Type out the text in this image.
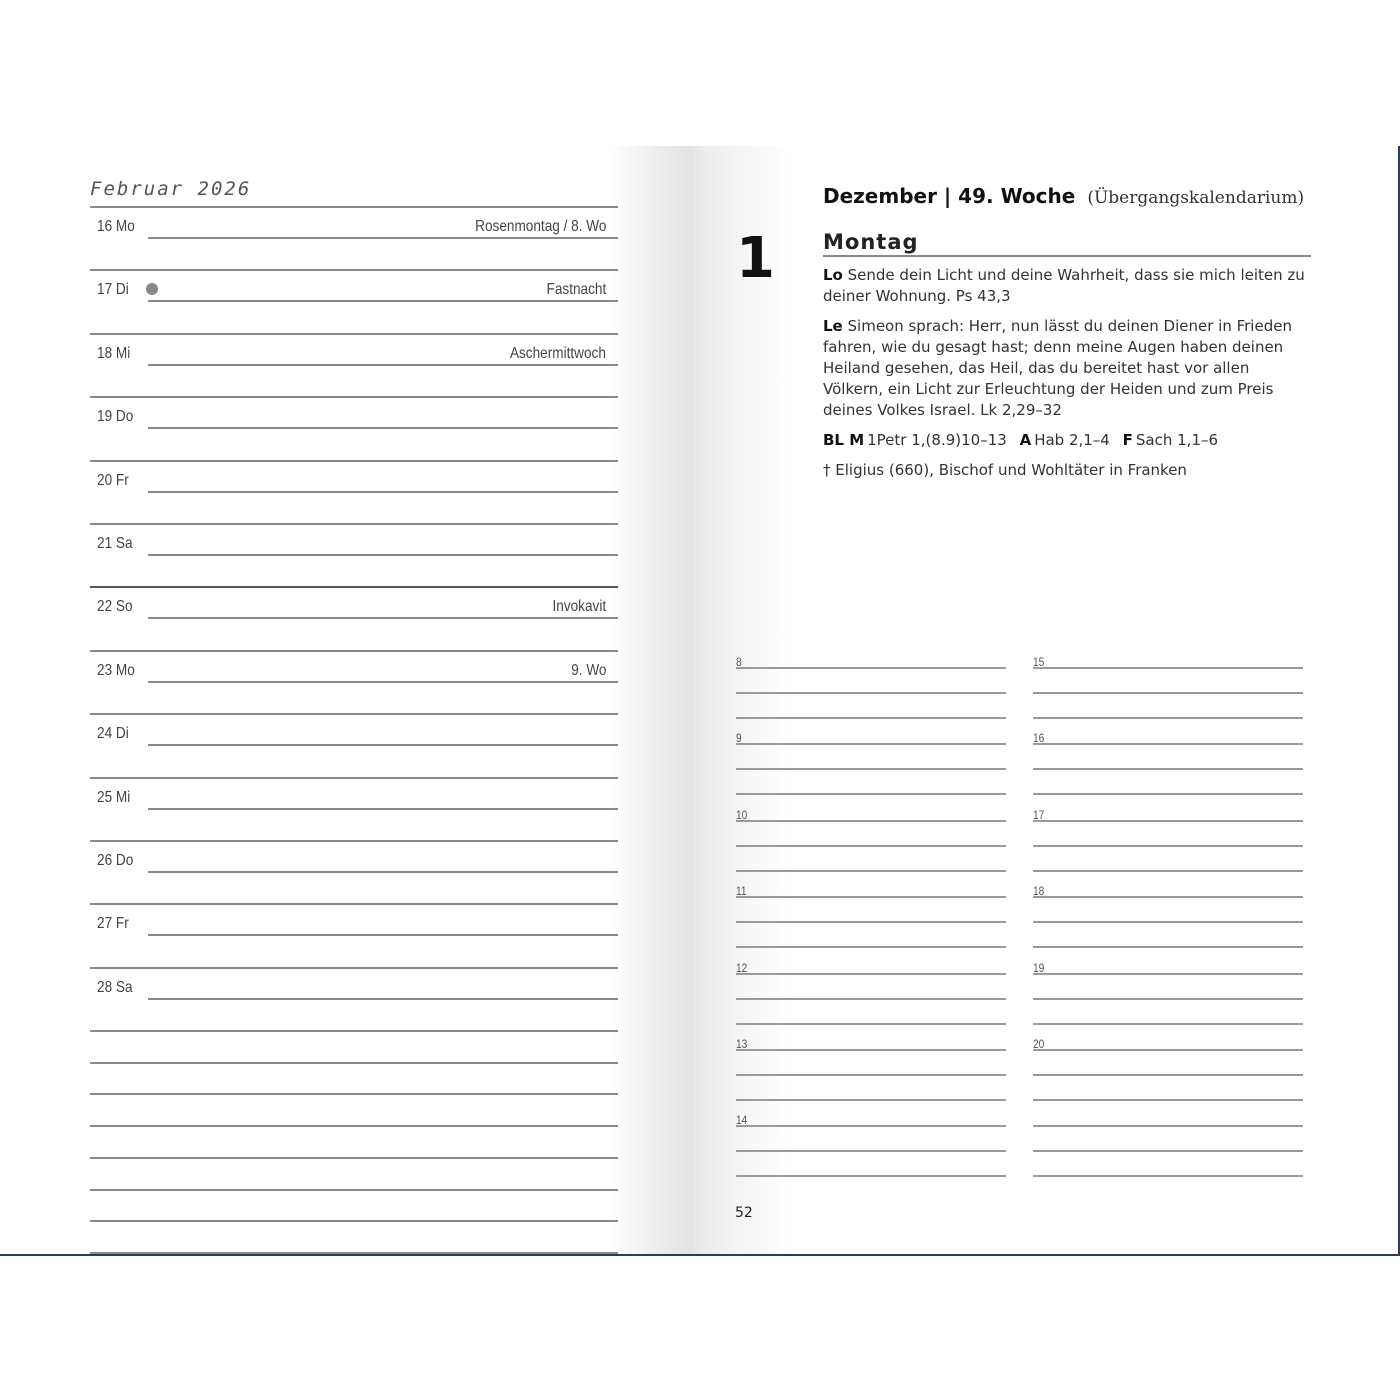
Februar 2026
16 Mo	Rosenmontag / 8. Wo
17 Di	Fastnacht
18 Mi	Aschermittwoch
19 Do
20 Fr
21 Sa
22 So	Invokavit
23 Mo	9. Wo
24 Di
25 Mi
26 Do
27 Fr
28 Sa
Dezember | 49. Woche (Übergangskalendarium)
1 Montag

Lo Sende dein Licht und deine Wahrheit, dass sie mich leiten zu deiner Wohnung. Ps 43,3

Le Simeon sprach: Herr, nun lässt du deinen Diener in Frieden fahren, wie du gesagt hast; denn meine Augen haben deinen Heiland gesehen, das Heil, das du bereitet hast vor allen Völkern, ein Licht zur Erleuchtung der Heiden und zum Preis deines Volkes Israel. Lk 2,29–32

BL M 1Petr 1,(8.9)10–13 A Hab 2,1–4 F Sach 1,1–6

† Eligius (660), Bischof und Wohltäter in Franken

8
9
10
11
12
13
14
15
16
17
18
19
20
52
